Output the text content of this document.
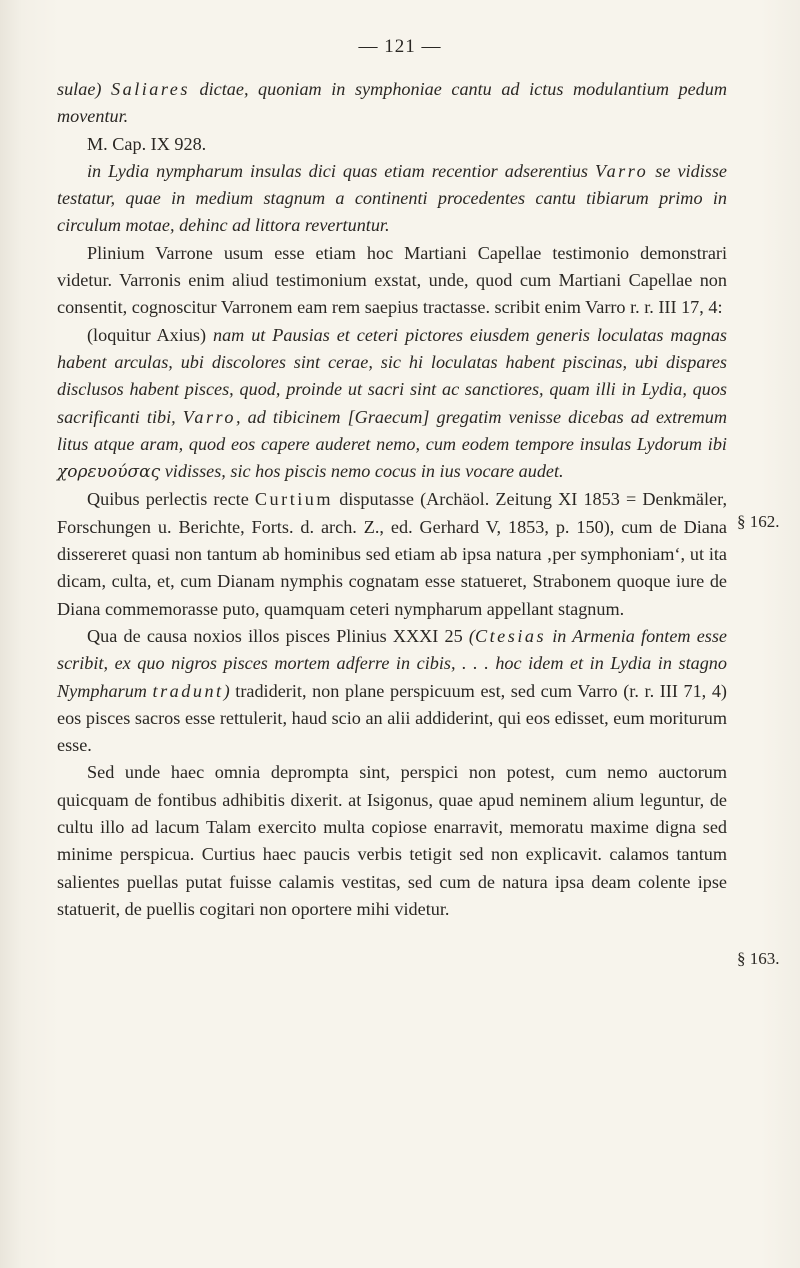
— 121 —
§ 162.
§ 163.

sulae) Saliares dictae, quoniam in symphoniae cantu ad ictus modulantium pedum moventur.

M. Cap. IX 928.

in Lydia nympharum insulas dici quas etiam recentior adserentius Varro se vidisse testatur, quae in medium stagnum a continenti procedentes cantu tibiarum primo in circulum motae, dehinc ad littora revertuntur.

Plinium Varrone usum esse etiam hoc Martiani Capellae testimonio demonstrari videtur. Varronis enim aliud testimonium exstat, unde, quod cum Martiani Capellae non consentit, cognoscitur Varronem eam rem saepius tractasse. scribit enim Varro r. r. III 17, 4:

(loquitur Axius) nam ut Pausias et ceteri pictores eiusdem generis loculatas magnas habent arculas, ubi discolores sint cerae, sic hi loculatas habent piscinas, ubi dispares disclusos habent pisces, quod, proinde ut sacri sint ac sanctiores, quam illi in Lydia, quos sacrificanti tibi, Varro, ad tibicinem [Graecum] gregatim venisse dicebas ad extremum litus atque aram, quod eos capere auderet nemo, cum eodem tempore insulas Lydorum ibi χορευούσας vidisses, sic hos piscis nemo cocus in ius vocare audet.

Quibus perlectis recte Curtium disputasse (Archäol. Zeitung XI 1853 = Denkmäler, Forschungen u. Berichte, Forts. d. arch. Z., ed. Gerhard V, 1853, p. 150), cum de Diana dissereret quasi non tantum ab hominibus sed etiam ab ipsa natura ‚per symphoniam‘, ut ita dicam, culta, et, cum Dianam nymphis cognatam esse statueret, Strabonem quoque iure de Diana commemorasse puto, quamquam ceteri nympharum appellant stagnum.

Qua de causa noxios illos pisces Plinius XXXI 25 (Ctesias in Armenia fontem esse scribit, ex quo nigros pisces mortem adferre in cibis, . . . hoc idem et in Lydia in stagno Nympharum tradunt) tradiderit, non plane perspicuum est, sed cum Varro (r. r. III 71, 4) eos pisces sacros esse rettulerit, haud scio an alii addiderint, qui eos edisset, eum moriturum esse.

Sed unde haec omnia deprompta sint, perspici non potest, cum nemo auctorum quicquam de fontibus adhibitis dixerit. at Isigonus, quae apud neminem alium leguntur, de cultu illo ad lacum Talam exercito multa copiose enarravit, memoratu maxime digna sed minime perspicua. Curtius haec paucis verbis tetigit sed non explicavit. calamos tantum salientes puellas putat fuisse calamis vestitas, sed cum de natura ipsa deam colente ipse statuerit, de puellis cogitari non oportere mihi videtur.
